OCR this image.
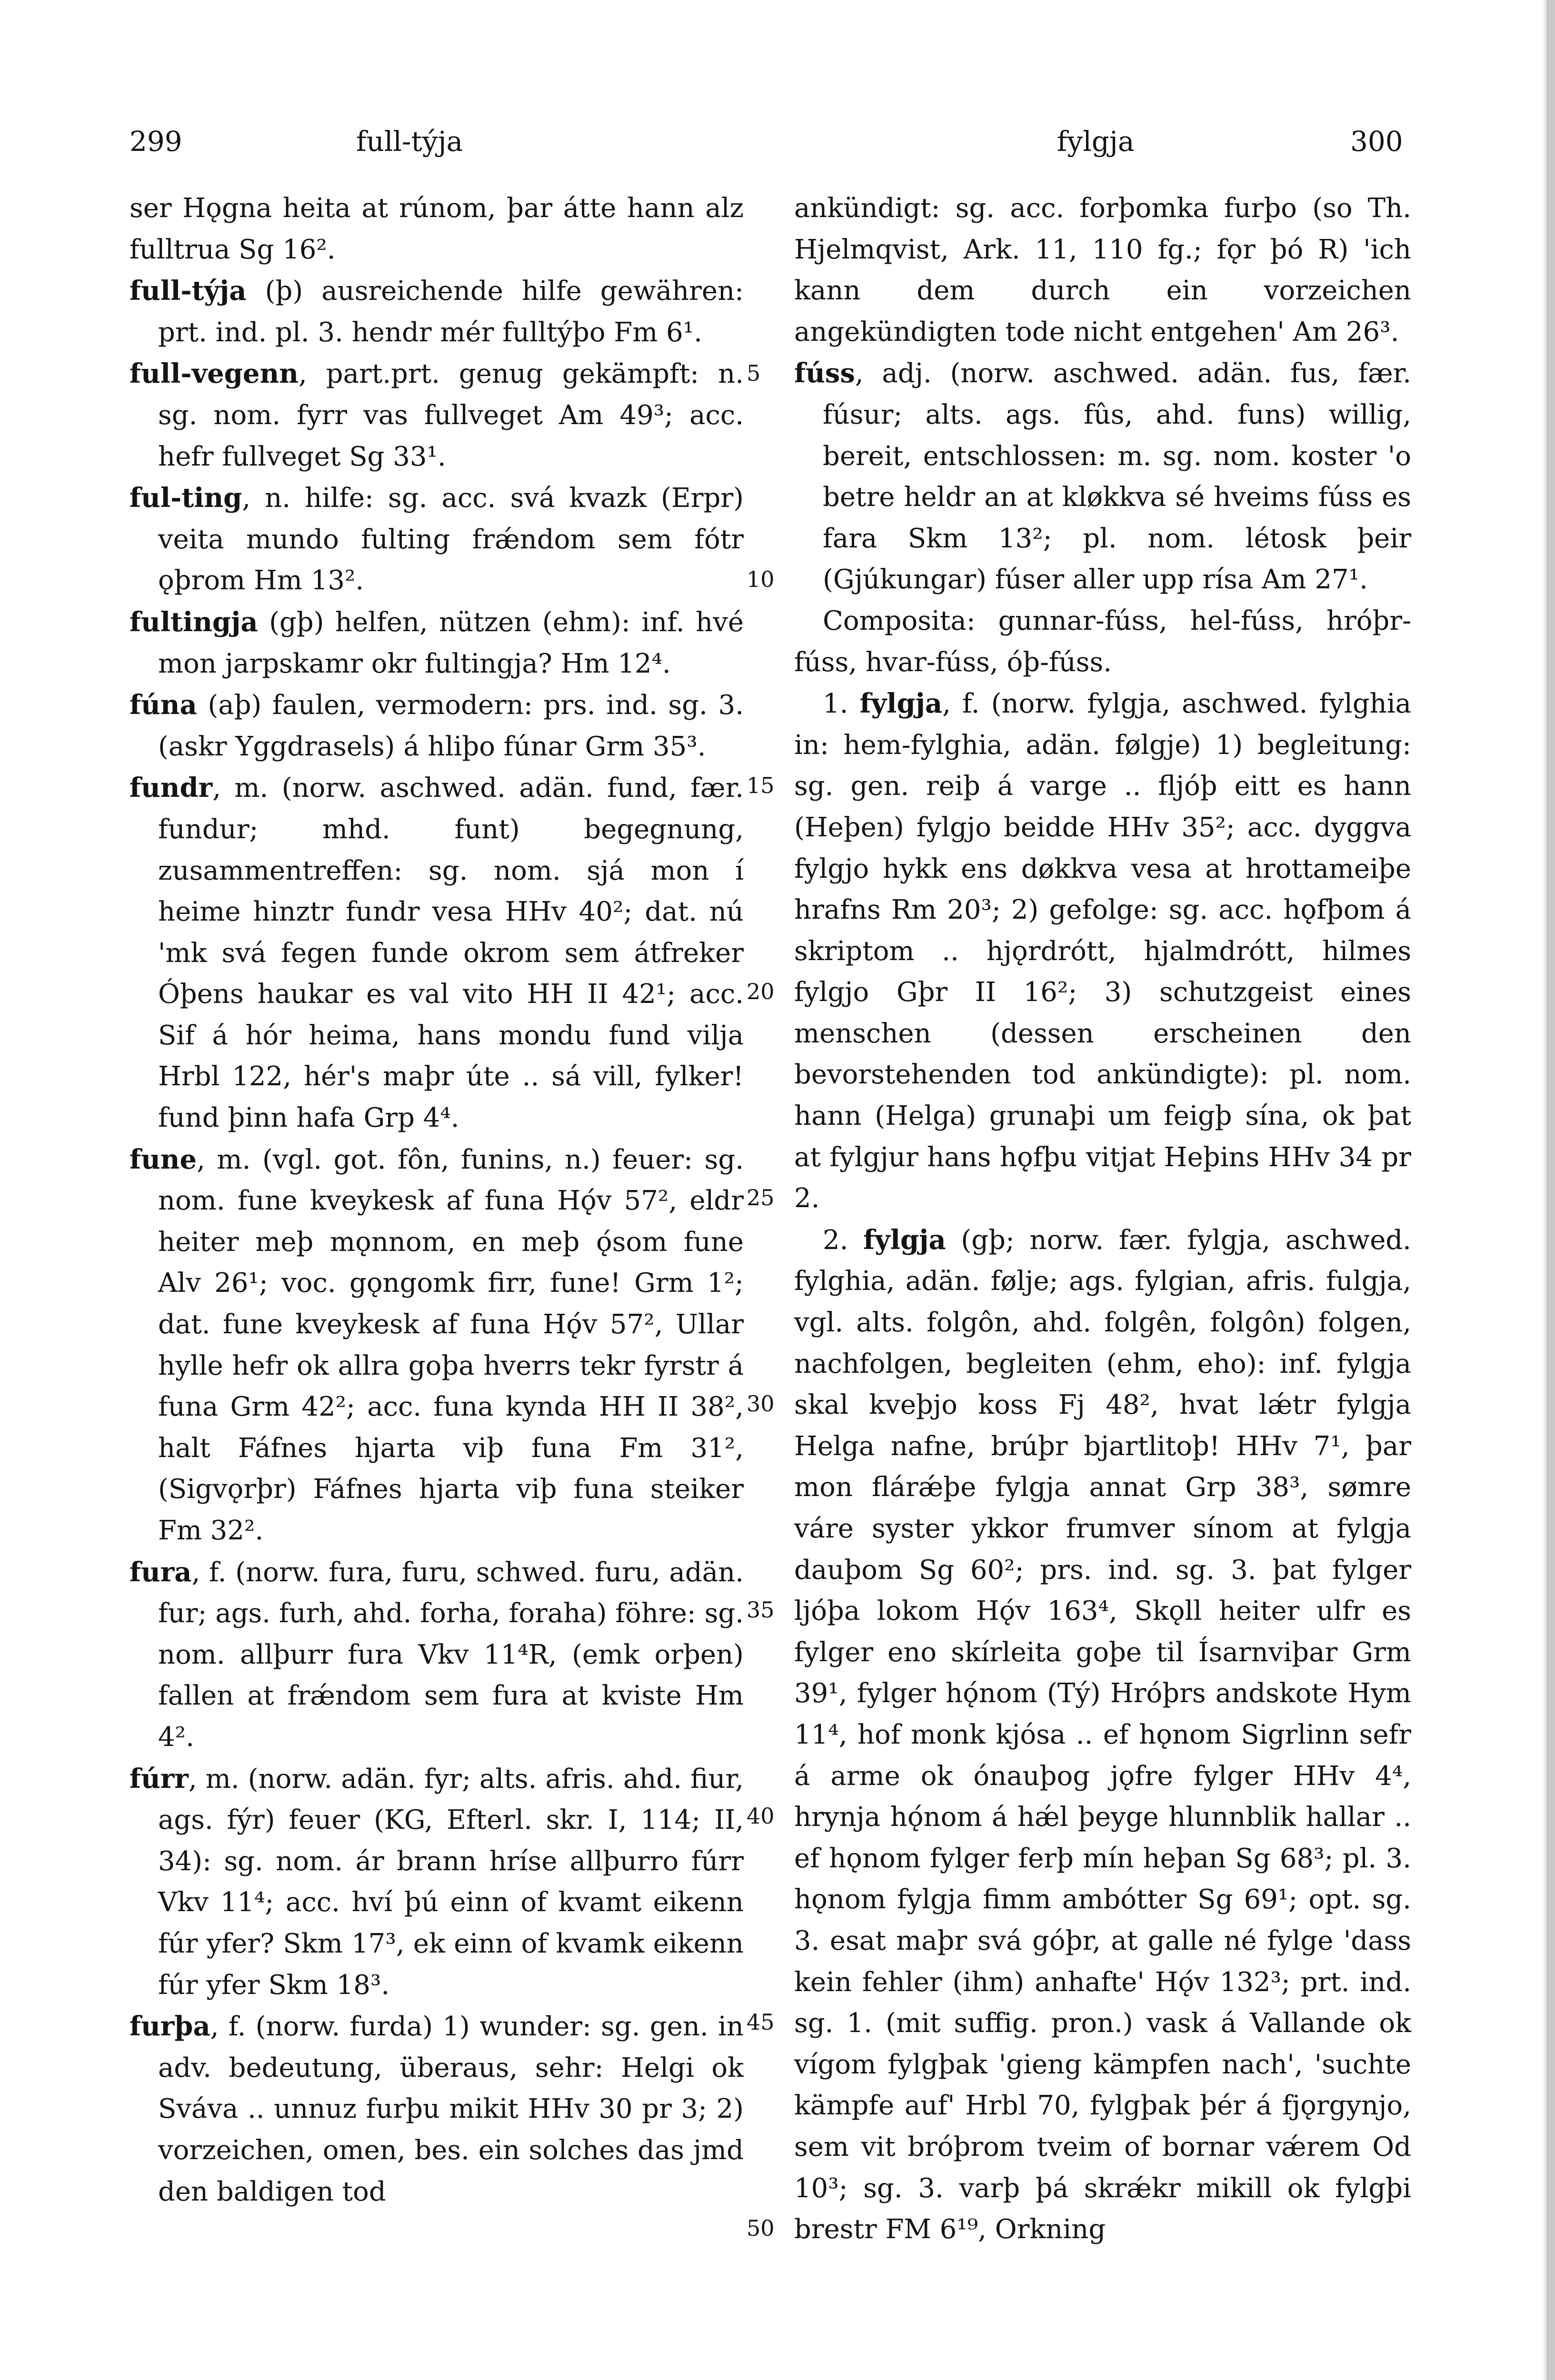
299	full-týja	fylgja	300

ser Hǫgna heita at rúnom, þar átte hann alz fulltrua Sg 16².

full-týja (þ) ausreichende hilfe gewähren: prt. ind. pl. 3. hendr mér fulltýþo Fm 6¹.

full-vegenn, part.prt. genug gekämpft: n. sg. nom. fyrr vas fullveget Am 49³; acc. hefr fullveget Sg 33¹.

ful-ting, n. hilfe: sg. acc. svá kvazk (Erpr) veita mundo fulting frǽndom sem fótr ǫþrom Hm 13².

fultingja (gþ) helfen, nützen (ehm): inf. hvé mon jarpskamr okr fultingja? Hm 12⁴.

fúna (aþ) faulen, vermodern: prs. ind. sg. 3. (askr Yggdrasels) á hliþo fúnar Grm 35³.

fundr, m. (norw. aschwed. adän. fund, fær. fundur; mhd. funt) begegnung, zusammentreffen: sg. nom. sjá mon í heime hinztr fundr vesa HHv 40²; dat. nú 'mk svá fegen funde okrom sem átfreker Óþens haukar es val vito HH II 42¹; acc. Sif á hór heima, hans mondu fund vilja Hrbl 122, hér's maþr úte .. sá vill, fylker! fund þinn hafa Grp 4⁴.

fune, m. (vgl. got. fôn, funins, n.) feuer: sg. nom. fune kveykesk af funa Hǫ́v 57², eldr heiter meþ mǫnnom, en meþ ǫ́som fune Alv 26¹; voc. gǫngomk firr, fune! Grm 1²; dat. fune kveykesk af funa Hǫ́v 57², Ullar hylle hefr ok allra goþa hverrs tekr fyrstr á funa Grm 42²; acc. funa kynda HH II 38², halt Fáfnes hjarta viþ funa Fm 31², (Sigvǫrþr) Fáfnes hjarta viþ funa steiker Fm 32².

fura, f. (norw. fura, furu, schwed. furu, adän. fur; ags. furh, ahd. forha, foraha) föhre: sg. nom. allþurr fura Vkv 11⁴R, (emk orþen) fallen at frǽndom sem fura at kviste Hm 4².

fúrr, m. (norw. adän. fyr; alts. afris. ahd. fiur, ags. fýr) feuer (KG, Efterl. skr. I, 114; II, 34): sg. nom. ár brann hríse allþurro fúrr Vkv 11⁴; acc. hví þú einn of kvamt eikenn fúr yfer? Skm 17³, ek einn of kvamk eikenn fúr yfer Skm 18³.

furþa, f. (norw. furda) 1) wunder: sg. gen. in adv. bedeutung, überaus, sehr: Helgi ok Sváva .. unnuz furþu mikit HHv 30 pr 3; 2) vorzeichen, omen, bes. ein solches das jmd den baldigen tod

5
10
15
20
25
30
35
40
45
50

ankündigt: sg. acc. forþomka furþo (so Th. Hjelmqvist, Ark. 11, 110 fg.; fǫr þó R) 'ich kann dem durch ein vorzeichen angekündigten tode nicht entgehen' Am 26³.

fúss, adj. (norw. aschwed. adän. fus, fær. fúsur; alts. ags. fûs, ahd. funs) willig, bereit, entschlossen: m. sg. nom. koster 'o betre heldr an at kløkkva sé hveims fúss es fara Skm 13²; pl. nom. létosk þeir (Gjúkungar) fúser aller upp rísa Am 27¹.

Composita: gunnar-fúss, hel-fúss, hróþr-fúss, hvar-fúss, óþ-fúss.

1. fylgja, f. (norw. fylgja, aschwed. fylghia in: hem-fylghia, adän. følgje) 1) begleitung: sg. gen. reiþ á varge .. fljóþ eitt es hann (Heþen) fylgjo beidde HHv 35²; acc. dyggva fylgjo hykk ens døkkva vesa at hrottameiþe hrafns Rm 20³; 2) gefolge: sg. acc. hǫfþom á skriptom .. hjǫrdrótt, hjalmdrótt, hilmes fylgjo Gþr II 16²; 3) schutzgeist eines menschen (dessen erscheinen den bevorstehenden tod ankündigte): pl. nom. hann (Helga) grunaþi um feigþ sína, ok þat at fylgjur hans hǫfþu vitjat Heþins HHv 34 pr 2.

2. fylgja (gþ; norw. fær. fylgja, aschwed. fylghia, adän. følje; ags. fylgian, afris. fulgja, vgl. alts. folgôn, ahd. folgên, folgôn) folgen, nachfolgen, begleiten (ehm, eho): inf. fylgja skal kveþjo koss Fj 48², hvat lǽtr fylgja Helga nafne, brúþr bjartlitoþ! HHv 7¹, þar mon flárǽþe fylgja annat Grp 38³, sømre váre syster ykkor frumver sínom at fylgja dauþom Sg 60²; prs. ind. sg. 3. þat fylger ljóþa lokom Hǫ́v 163⁴, Skǫll heiter ulfr es fylger eno skírleita goþe til Ísarnviþar Grm 39¹, fylger hǫ́nom (Tý) Hróþrs andskote Hym 11⁴, hof monk kjósa .. ef hǫnom Sigrlinn sefr á arme ok ónauþog jǫfre fylger HHv 4⁴, hrynja hǫ́nom á hǽl þeyge hlunnblik hallar .. ef hǫnom fylger ferþ mín heþan Sg 68³; pl. 3. hǫnom fylgja fimm ambótter Sg 69¹; opt. sg. 3. esat maþr svá góþr, at galle né fylge 'dass kein fehler (ihm) anhafte' Hǫ́v 132³; prt. ind. sg. 1. (mit suffig. pron.) vask á Vallande ok vígom fylgþak 'gieng kämpfen nach', 'suchte kämpfe auf' Hrbl 70, fylgþak þér á fjǫrgynjo, sem vit bróþrom tveim of bornar vǽrem Od 10³; sg. 3. varþ þá skrǽkr mikill ok fylgþi brestr FM 6¹⁹, Orkning
